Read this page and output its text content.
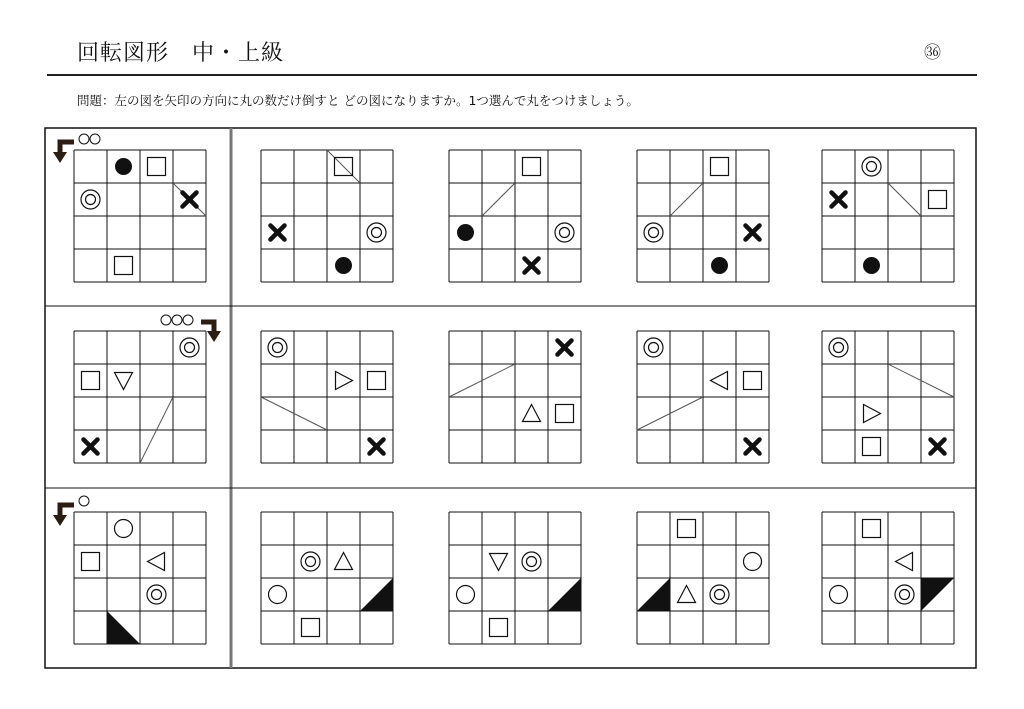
回転図形　中・上級	㊱
問題：左の図を矢印の方向に丸の数だけ倒すと どの図になりますか。1つ選んで丸をつけましょう。
